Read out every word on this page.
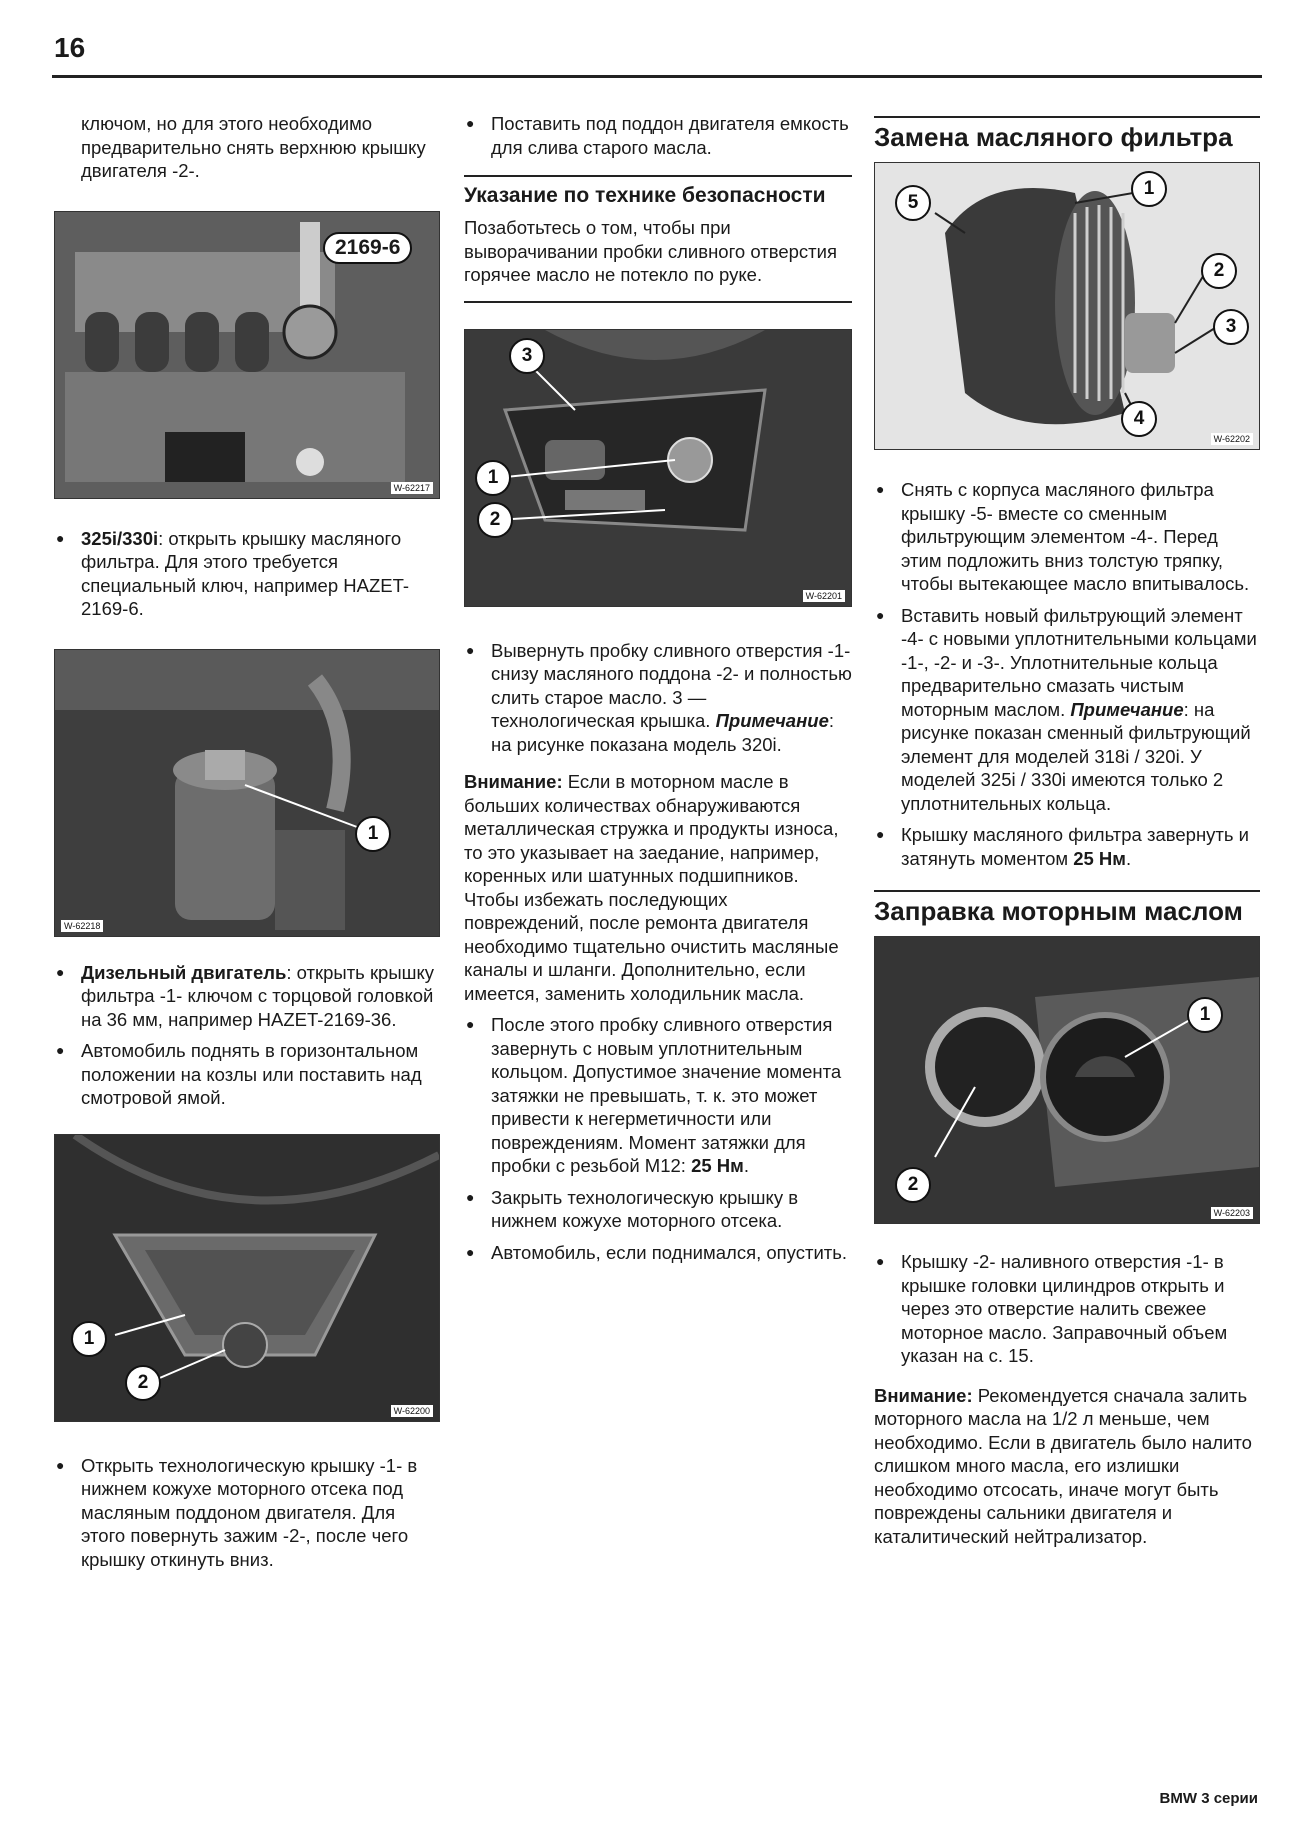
16

ключом, но для этого необходимо предварительно снять верхнюю крышку двигателя -2-.

2169-6
W-62217
● 325i/330i: открыть крышку масляного фильтра. Для этого требуется специальный ключ, например HAZET-2169-6.
1
W-62218
● Дизельный двигатель: открыть крышку фильтра -1- ключом с торцовой головкой на 36 мм, например HAZET-2169-36.
● Автомобиль поднять в горизонтальном положении на козлы или поставить над смотровой ямой.
1
2
W-62200
● Открыть технологическую крышку -1- в нижнем кожухе моторного отсека под масляным поддоном двигателя. Для этого повернуть зажим -2-, после чего крышку откинуть вниз.
● Поставить под поддон двигателя емкость для слива старого масла.
Указание по технике безопасности

Позаботьтесь о том, чтобы при выворачивании пробки сливного отверстия горячее масло не потекло по руке.

3
1
2
W-62201
● Вывернуть пробку сливного отверстия -1- снизу масляного поддона -2- и полностью слить старое масло. 3 — технологическая крышка. Примечание: на рисунке показана модель 320i.

Внимание: Если в моторном масле в больших количествах обнаруживаются металлическая стружка и продукты износа, то это указывает на заедание, например, коренных или шатунных подшипников. Чтобы избежать последующих повреждений, после ремонта двигателя необходимо тщательно очистить масляные каналы и шланги. Дополнительно, если имеется, заменить холодильник масла.

● После этого пробку сливного отверстия завернуть с новым уплотнительным кольцом. Допустимое значение момента затяжки не превышать, т. к. это может привести к негерметичности или повреждениям. Момент затяжки для пробки с резьбой М12: 25 Нм.
● Закрыть технологическую крышку в нижнем кожухе моторного отсека.
● Автомобиль, если поднимался, опустить.
Замена масляного фильтра
5
1
2
3
4
W-62202
● Снять с корпуса масляного фильтра крышку -5- вместе со сменным фильтрующим элементом -4-. Перед этим подложить вниз толстую тряпку, чтобы вытекающее масло впитывалось.
● Вставить новый фильтрующий элемент -4- с новыми уплотнительными кольцами -1-, -2- и -3-. Уплотнительные кольца предварительно смазать чистым моторным маслом. Примечание: на рисунке показан сменный фильтрующий элемент для моделей 318i / 320i. У моделей 325i / 330i имеются только 2 уплотнительных кольца.
● Крышку масляного фильтра завернуть и затянуть моментом 25 Нм.
Заправка моторным маслом
1
2
W-62203
● Крышку -2- наливного отверстия -1- в крышке головки цилиндров открыть и через это отверстие налить свежее моторное масло. Заправочный объем указан на с. 15.

Внимание: Рекомендуется сначала залить моторного масла на 1/2 л меньше, чем необходимо. Если в двигатель было налито слишком много масла, его излишки необходимо отсосать, иначе могут быть повреждены сальники двигателя и каталитический нейтрализатор.

BMW 3 серии
